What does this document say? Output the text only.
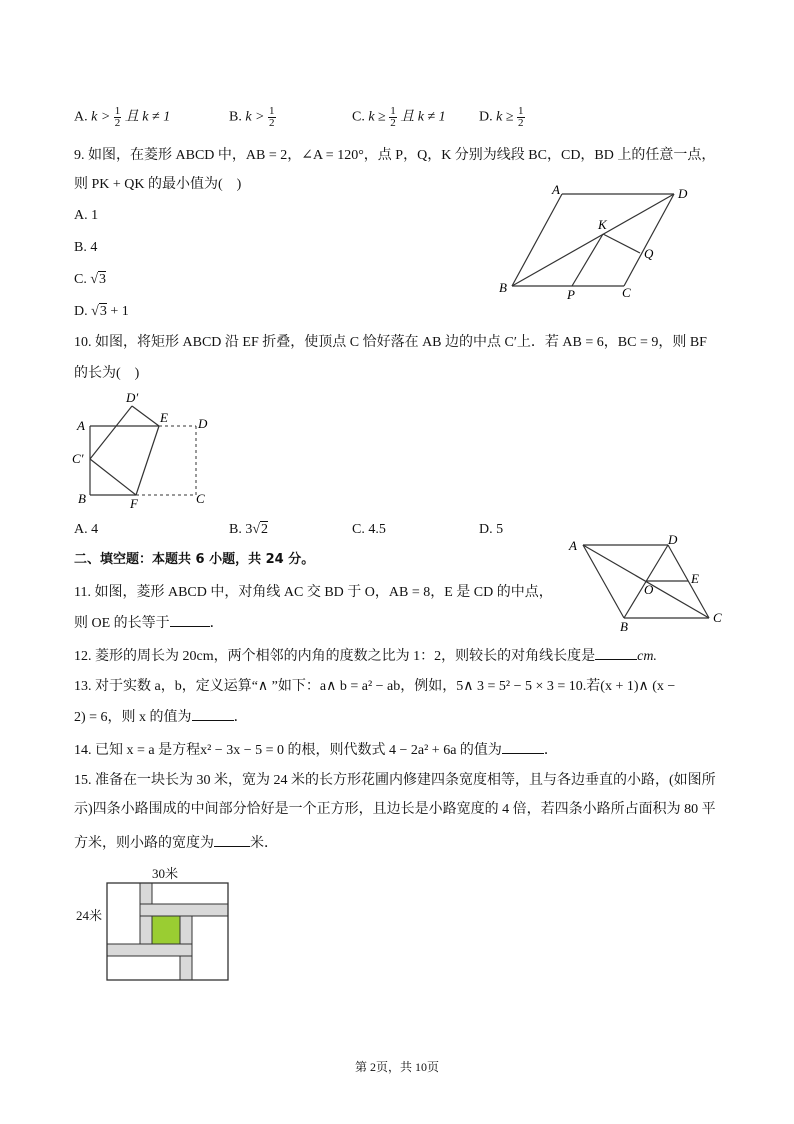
A. $k > \frac{1}{2}$ 且 k ≠ 1	B. $k > \frac{1}{2}$	C. $k \ge \frac{1}{2}$ 且 k ≠ 1 D. $k \ge \frac{1}{2}$
9. 如图，在菱形 ABCD 中，AB = 2，∠A = 120°，点 P，Q，K 分别为线段 BC，CD，BD 上的任意一点，
则 PK + QK 的最小值为(　)
A. 1
B. 4
C. √3
D. √3 + 1
A	D
K
Q
B	P	C
10. 如图，将矩形 ABCD 沿 EF 折叠，使顶点 C 恰好落在 AB 边的中点 C′上．若 AB = 6，BC = 9，则 BF
的长为(　)
A
D′
E D
C′
B	F	C
A. 4	B. 3√2	C. 4.5	D. 5
二、填空题：本题共 6 小题，共 24 分。
A	D
E
O
B
C
11. 如图，菱形 ABCD 中，对角线 AC 交 BD 于 O，AB = 8，E 是 CD 的中点，
则 OE 的长等于	．
12. 菱形的周长为 20cm，两个相邻的内角的度数之比为 1：2，则较长的对角线长度是	cm.
13. 对于实数 a，b，定义运算“∧ ”如下：a∧ b = a² − ab，例如，5∧ 3 = 5² − 5 × 3 = 10.若(x + 1)∧ (x −
2) = 6，则 x 的值为	．
14. 已知 x = a 是方程x² − 3x − 5 = 0 的根，则代数式 4 − 2a² + 6a 的值为	．
15. 准备在一块长为 30 米，宽为 24 米的长方形花圃内修建四条宽度相等，且与各边垂直的小路，(如图所
示)四条小路围成的中间部分恰好是一个正方形，且边长是小路宽度的 4 倍，若四条小路所占面积为 80 平
方米，则小路的宽度为	米．
30米
24米
第 2页，共 10页
